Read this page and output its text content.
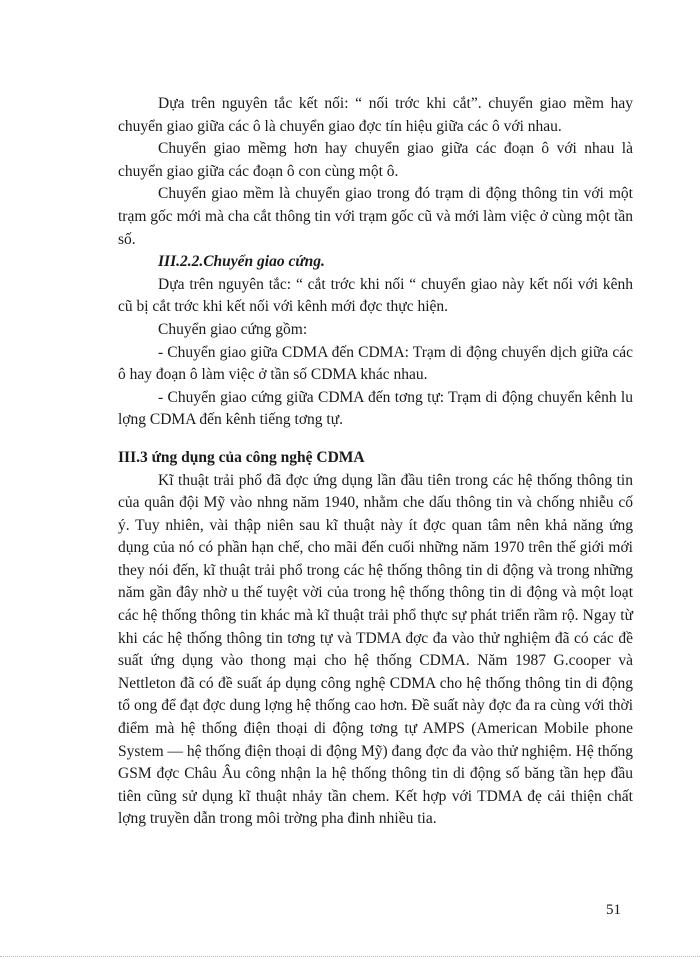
Dựa trên nguyên tắc kết nối: “ nối trớc khi cắt”. chuyển giao mềm hay chuyển giao giữa các ô là chuyển giao đợc tín hiệu giữa các ô với nhau.

Chuyển giao mềmg hơn hay chuyển giao giữa các đoạn ô với nhau là chuyển giao giữa các đoạn ô con cùng một ô.

Chuyển giao mềm là chuyển giao trong đó trạm di động thông tin với một trạm gốc mới mà cha cắt thông tin với trạm gốc cũ và mới làm việc ở cùng một tần số.

III.2.2.Chuyển giao cứng.

Dựa trên nguyên tắc: “ cắt trớc khi nối “ chuyển giao này kết nối với kênh cũ bị cắt trớc khi kết nối với kênh mới đợc thực hiện.

Chuyển giao cứng gồm:

- Chuyển giao giữa CDMA đến CDMA: Trạm di động chuyển dịch giữa các ô hay đoạn ô làm việc ở tần số CDMA khác nhau.

- Chuyển giao cứng giữa CDMA đến tơng tự: Trạm di động chuyển kênh lu lợng CDMA đến kênh tiếng tơng tự.

III.3 ứng dụng của công nghệ CDMA

Kĩ thuật trải phổ đã đợc ứng dụng lần đầu tiên trong các hệ thống thông tin của quân đội Mỹ vào nhng năm 1940, nhằm che dấu thông tin và chống nhiễu cố ý. Tuy nhiên, vài thập niên sau kĩ thuật này ít đợc quan tâm nên khả năng ứng dụng của nó có phần hạn chế, cho mãi đến cuối những năm 1970 trên thế giới mới they nói đến, kĩ thuật trải phổ trong các hệ thống thông tin di động và trong những năm gần đây nhờ u thế tuyệt vời của trong hệ thống thông tin di động và một loạt các hệ thống thông tin khác mà kĩ thuật trải phổ thực sự phát triển rầm rộ. Ngay từ khi các hệ thống thông tin tơng tự và TDMA đợc đa vào thử nghiệm đã có các đề suất ứng dụng vào thong mại cho hệ thống CDMA. Năm 1987 G.cooper và Nettleton đã có đề suất áp dụng công nghệ CDMA cho hệ thống thông tin di động tổ ong để đạt đợc dung lợng hệ thống cao hơn. Đề suất này đợc đa ra cùng với thời điểm mà hệ thống điện thoại di động tơng tự AMPS (American Mobile phone System — hệ thống điện thoại di động Mỹ) đang đợc đa vào thử nghiệm. Hệ thống GSM đợc Châu Âu công nhận la hệ thống thông tin di động số băng tần hẹp đầu tiên cũng sử dụng kĩ thuật nhảy tần chem. Kết hợp với TDMA đẹ cải thiện chất lợng truyền dẫn trong môi trờng pha đinh nhiều tia.

51
